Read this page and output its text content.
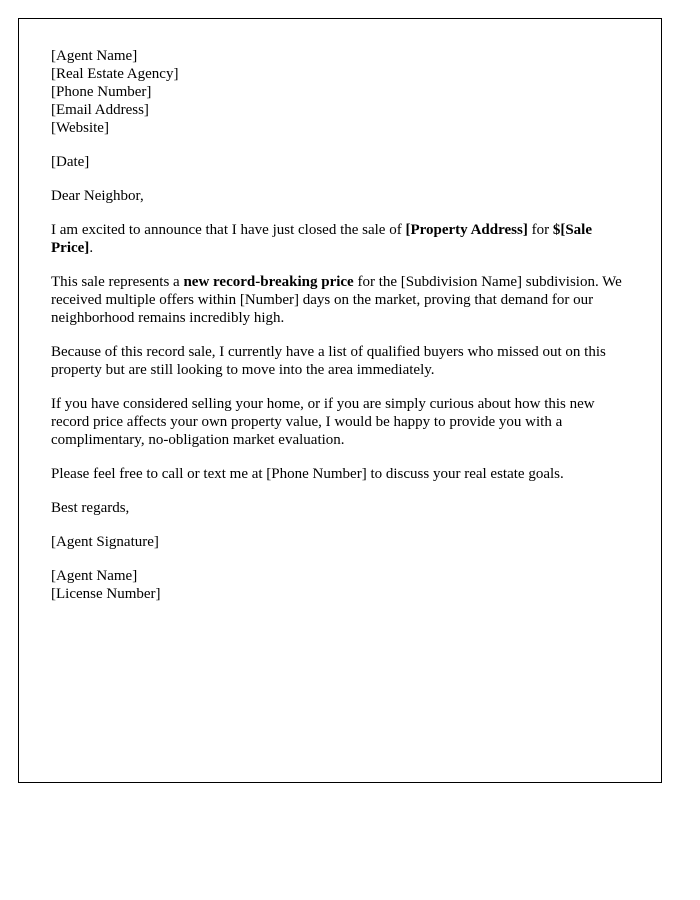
[Agent Name]
[Real Estate Agency]
[Phone Number]
[Email Address]
[Website]

[Date]

Dear Neighbor,

I am excited to announce that I have just closed the sale of [Property Address] for $[Sale Price].

This sale represents a new record-breaking price for the [Subdivision Name] subdivision. We received multiple offers within [Number] days on the market, proving that demand for our neighborhood remains incredibly high.

Because of this record sale, I currently have a list of qualified buyers who missed out on this property but are still looking to move into the area immediately.

If you have considered selling your home, or if you are simply curious about how this new record price affects your own property value, I would be happy to provide you with a complimentary, no-obligation market evaluation.

Please feel free to call or text me at [Phone Number] to discuss your real estate goals.

Best regards,

[Agent Signature]

[Agent Name]
[License Number]
